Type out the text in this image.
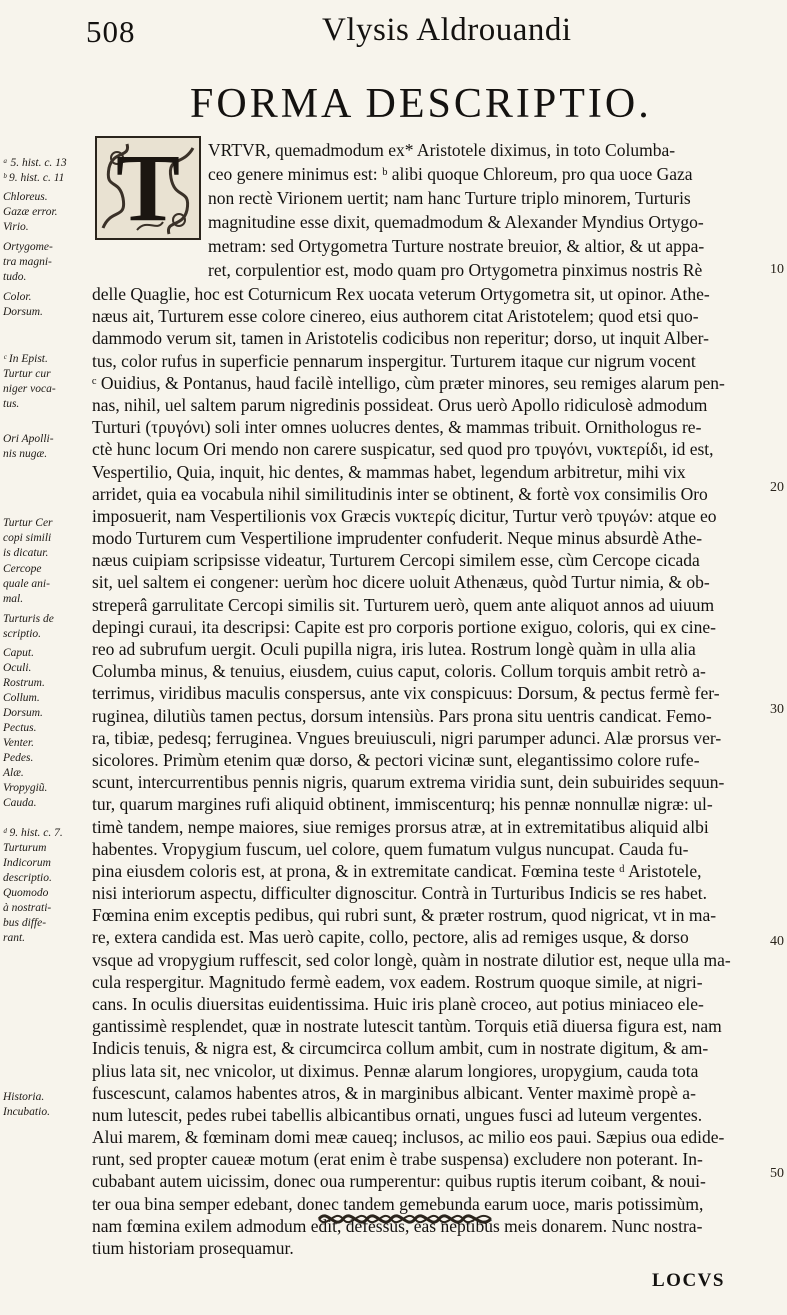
508	Vlysis Aldrouandi
FORMA DESCRIPTIO.
T	VRTVR, quemadmodum ex* Aristotele diximus, in toto Columba-
ceo genere minimus est: ᵇ alibi quoque Chloreum, pro qua uoce Gaza
non rectè Virionem uertit; nam hanc Turture triplo minorem, Turturis
magnitudine esse dixit, quemadmodum & Alexander Myndius Ortygo-
metram: sed Ortygometra Turture nostrate breuior, & altior, & ut appa-
ret, corpulentior est, modo quam pro Ortygometra pinximus nostris Rè
delle Quaglie, hoc est Coturnicum Rex uocata veterum Ortygometra sit, ut opinor. Athe-
næus ait, Turturem esse colore cinereo, eius authorem citat Aristotelem; quod etsi quo-
dammodo verum sit, tamen in Aristotelis codicibus non reperitur; dorso, ut inquit Alber-
tus, color rufus in superficie pennarum inspergitur. Turturem itaque cur nigrum vocent
ᶜ Ouidius, & Pontanus, haud facilè intelligo, cùm præter minores, seu remiges alarum pen-
nas, nihil, uel saltem parum nigredinis possideat. Orus uerò Apollo ridiculosè admodum
Turturi (τρυγόνι) soli inter omnes uolucres dentes, & mammas tribuit. Ornithologus re-
ctè hunc locum Ori mendo non carere suspicatur, sed quod pro τρυγόνι, νυκτερίδι, id est,
Vespertilio, Quia, inquit, hic dentes, & mammas habet, legendum arbitretur, mihi vix
arridet, quia ea vocabula nihil similitudinis inter se obtinent, & fortè vox consimilis Oro
imposuerit, nam Vespertilionis vox Græcis νυκτερίς dicitur, Turtur verò τρυγών: atque eo
modo Turturem cum Vespertilione imprudenter confuderit. Neque minus absurdè Athe-
næus cuipiam scripsisse videatur, Turturem Cercopi similem esse, cùm Cercope cicada
sit, uel saltem ei congener: uerùm hoc dicere uoluit Athenæus, quòd Turtur nimia, & ob-
streperâ garrulitate Cercopi similis sit. Turturem uerò, quem ante aliquot annos ad uiuum
depingi curaui, ita descripsi: Capite est pro corporis portione exiguo, coloris, qui ex cine-
reo ad subrufum uergit. Oculi pupilla nigra, iris lutea. Rostrum longè quàm in ulla alia
Columba minus, & tenuius, eiusdem, cuius caput, coloris. Collum torquis ambit retrò a-
terrimus, viridibus maculis conspersus, ante vix conspicuus: Dorsum, & pectus fermè fer-
ruginea, dilutiùs tamen pectus, dorsum intensiùs. Pars prona situ uentris candicat. Femo-
ra, tibiæ, pedesq; ferruginea. Vngues breuiusculi, nigri parumper adunci. Alæ prorsus ver-
sicolores. Primùm etenim quæ dorso, & pectori vicinæ sunt, elegantissimo colore rufe-
scunt, intercurrentibus pennis nigris, quarum extrema viridia sunt, dein subuirides sequun-
tur, quarum margines rufi aliquid obtinent, immiscenturq; his pennæ nonnullæ nigræ: ul-
timè tandem, nempe maiores, siue remiges prorsus atræ, at in extremitatibus aliquid albi
habentes. Vropygium fuscum, uel colore, quem fumatum vulgus nuncupat. Cauda fu-
pina eiusdem coloris est, at prona, & in extremitate candicat. Fœmina teste ᵈ Aristotele,
nisi interiorum aspectu, difficulter dignoscitur. Contrà in Turturibus Indicis se res habet.
Fœmina enim exceptis pedibus, qui rubri sunt, & præter rostrum, quod nigricat, vt in ma-
re, extera candida est. Mas uerò capite, collo, pectore, alis ad remiges usque, & dorso
vsque ad vropygium ruffescit, sed color longè, quàm in nostrate dilutior est, neque ulla ma-
cula respergitur. Magnitudo fermè eadem, vox eadem. Rostrum quoque simile, at nigri-
cans. In oculis diuersitas euidentissima. Huic iris planè croceo, aut potius miniaceo ele-
gantissimè resplendet, quæ in nostrate lutescit tantùm. Torquis etiã diuersa figura est, nam
Indicis tenuis, & nigra est, & circumcirca collum ambit, cum in nostrate digitum, & am-
plius lata sit, nec vnicolor, ut diximus. Pennæ alarum longiores, uropygium, cauda tota
fuscescunt, calamos habentes atros, & in marginibus albicant. Venter maximè propè a-
num lutescit, pedes rubei tabellis albicantibus ornati, ungues fusci ad luteum vergentes.
Alui marem, & fœminam domi meæ caueq; inclusos, ac milio eos paui. Sæpius oua edide-
runt, sed propter caueæ motum (erat enim è trabe suspensa) excludere non poterant. In-
cubabant autem uicissim, donec oua rumperentur: quibus ruptis iterum coibant, & noui-
ter oua bina semper edebant, donec tandem gemebunda earum uoce, maris potissimùm,
nam fœmina exilem admodum edit, defessus, eas neptibus meis donarem. Nunc nostra-
tium historiam prosequamur.
ᵃ 5. hist. c. 13
ᵇ 9. hist. c. 11
Chloreus.
Gazæ error.
Virio.
Ortygome-
tra magni-
tudo.
Color.
Dorsum.
ᶜ In Epist.
Turtur cur
niger voca-
tus.
Ori Apolli-
nis nugæ.
Turtur Cer
copi simili
is dicatur.
Cercope
quale ani-
mal.
Turturis de
scriptio.
Caput.
Oculi.
Rostrum.
Collum.
Dorsum.
Pectus.
Venter.
Pedes.
Alæ.
Vropygiũ.
Cauda.
ᵈ 9. hist. c. 7.
Turturum
Indicorum
descriptio.
Quomodo
à nostrati-
bus diffe-
rant.
Historia.
Incubatio.
10
20
30
40
50
LOCVS
